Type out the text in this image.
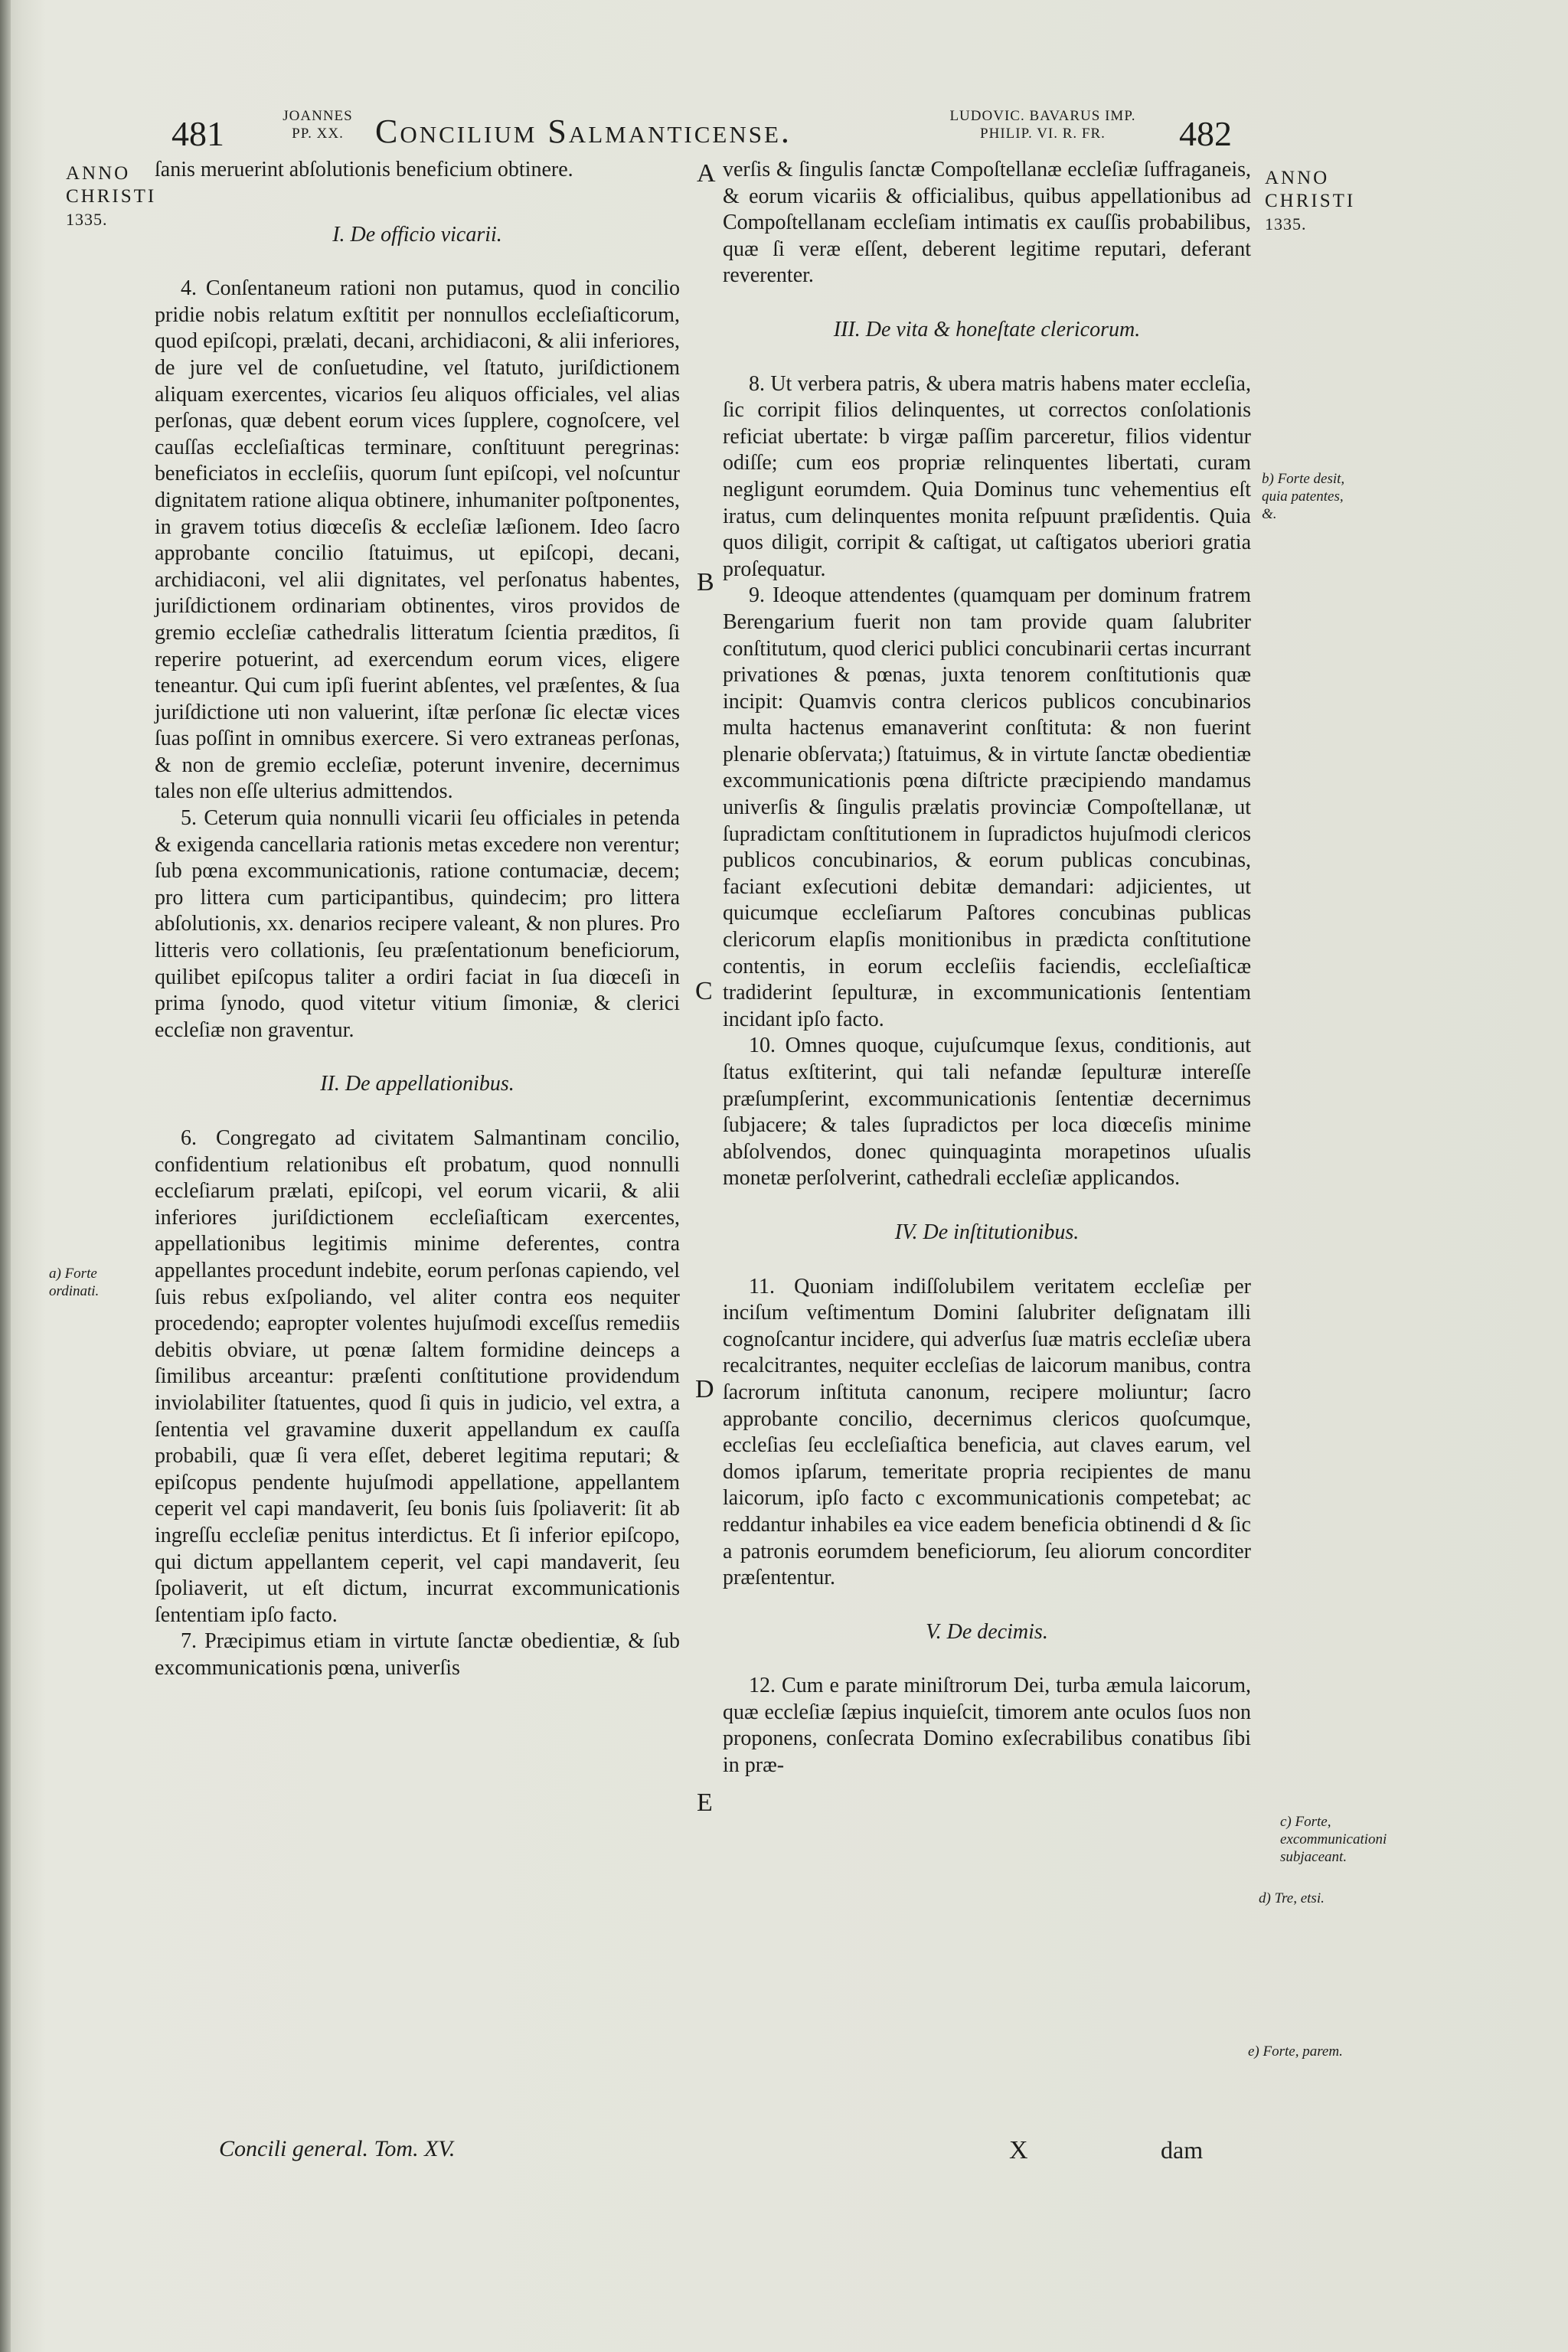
481	JOANNES
PP. XX. Concilium Salmanticense.	LUDOVIC. BAVARUS IMP.
PHILIP. VI. R. FR.	482
ANNO
CHRISTI
1335.
a) Forte ordinati.
ANNO
CHRISTI
1335.
b) Forte desit, quia patentes, &.
c) Forte, excommunicationi subjaceant.
d) Tre, etsi.
e) Forte, parem.
A
B
C
D
E

ſanis meruerint abſolutionis beneficium obtinere.

I. De officio vicarii.

4. Conſentaneum rationi non putamus, quod in concilio pridie nobis relatum exſtitit per nonnullos eccleſiaſticorum, quod epiſcopi, prælati, decani, archidiaconi, & alii inferiores, de jure vel de conſuetudine, vel ſtatuto, juriſdictionem aliquam exercentes, vicarios ſeu aliquos officiales, vel alias perſonas, quæ debent eorum vices ſupplere, cognoſcere, vel cauſſas eccleſiaſticas terminare, conſtituunt peregrinas: beneficiatos in eccleſiis, quorum ſunt epiſcopi, vel noſcuntur dignitatem ratione aliqua obtinere, inhumaniter poſtponentes, in gravem totius diœceſis & eccleſiæ læſionem. Ideo ſacro approbante concilio ſtatuimus, ut epiſcopi, decani, archidiaconi, vel alii dignitates, vel perſonatus habentes, juriſdictionem ordinariam obtinentes, viros providos de gremio eccleſiæ cathedralis litteratum ſcientia præditos, ſi reperire potuerint, ad exercendum eorum vices, eligere teneantur. Qui cum ipſi fuerint abſentes, vel præſentes, & ſua juriſdictione uti non valuerint, iſtæ perſonæ ſic electæ vices ſuas poſſint in omnibus exercere. Si vero extraneas perſonas, & non de gremio eccleſiæ, poterunt invenire, decernimus tales non eſſe ulterius admittendos.

5. Ceterum quia nonnulli vicarii ſeu officiales in petenda & exigenda cancellaria rationis metas excedere non verentur; ſub pœna excommunicationis, ratione contumaciæ, decem; pro littera cum participantibus, quindecim; pro littera abſolutionis, xx. denarios recipere valeant, & non plures. Pro litteris vero collationis, ſeu præſentationum beneficiorum, quilibet epiſcopus taliter a ordiri faciat in ſua diœceſi in prima ſynodo, quod vitetur vitium ſimoniæ, & clerici eccleſiæ non graventur.

II. De appellationibus.

6. Congregato ad civitatem Salmantinam concilio, confidentium relationibus eſt probatum, quod nonnulli eccleſiarum prælati, epiſcopi, vel eorum vicarii, & alii inferiores juriſdictionem eccleſiaſticam exercentes, appellationibus legitimis minime deferentes, contra appellantes procedunt indebite, eorum perſonas capiendo, vel ſuis rebus exſpoliando, vel aliter contra eos nequiter procedendo; eapropter volentes hujuſmodi exceſſus remediis debitis obviare, ut pœnæ ſaltem formidine deinceps a ſimilibus arceantur: præſenti conſtitutione providendum inviolabiliter ſtatuentes, quod ſi quis in judicio, vel extra, a ſententia vel gravamine duxerit appellandum ex cauſſa probabili, quæ ſi vera eſſet, deberet legitima reputari; & epiſcopus pendente hujuſmodi appellatione, appellantem ceperit vel capi mandaverit, ſeu bonis ſuis ſpoliaverit: ſit ab ingreſſu eccleſiæ penitus interdictus. Et ſi inferior epiſcopo, qui dictum appellantem ceperit, vel capi mandaverit, ſeu ſpoliaverit, ut eſt dictum, incurrat excommunicationis ſententiam ipſo facto.

7. Præcipimus etiam in virtute ſanctæ obedientiæ, & ſub excommunicationis pœna, univerſis

verſis & ſingulis ſanctæ Compoſtellanæ eccleſiæ ſuffraganeis, & eorum vicariis & officialibus, quibus appellationibus ad Compoſtellanam eccleſiam intimatis ex cauſſis probabilibus, quæ ſi veræ eſſent, deberent legitime reputari, deferant reverenter.

III. De vita & honeſtate clericorum.

8. Ut verbera patris, & ubera matris habens mater eccleſia, ſic corripit filios delinquentes, ut correctos conſolationis reficiat ubertate: b virgæ paſſim parceretur, filios videntur odiſſe; cum eos propriæ relinquentes libertati, curam negligunt eorumdem. Quia Dominus tunc vehementius eſt iratus, cum delinquentes monita reſpuunt præſidentis. Quia quos diligit, corripit & caſtigat, ut caſtigatos uberiori gratia proſequatur.

9. Ideoque attendentes (quamquam per dominum fratrem Berengarium fuerit non tam provide quam ſalubriter conſtitutum, quod clerici publici concubinarii certas incurrant privationes & pœnas, juxta tenorem conſtitutionis quæ incipit: Quamvis contra clericos publicos concubinarios multa hactenus emanaverint conſtituta: & non fuerint plenarie obſervata;) ſtatuimus, & in virtute ſanctæ obedientiæ excommunicationis pœna diſtricte præcipiendo mandamus univerſis & ſingulis prælatis provinciæ Compoſtellanæ, ut ſupradictam conſtitutionem in ſupradictos hujuſmodi clericos publicos concubinarios, & eorum publicas concubinas, faciant exſecutioni debitæ demandari: adjicientes, ut quicumque eccleſiarum Paſtores concubinas publicas clericorum elapſis monitionibus in prædicta conſtitutione contentis, in eorum eccleſiis faciendis, eccleſiaſticæ tradiderint ſepulturæ, in excommunicationis ſententiam incidant ipſo facto.

10. Omnes quoque, cujuſcumque ſexus, conditionis, aut ſtatus exſtiterint, qui tali nefandæ ſepulturæ intereſſe præſumpſerint, excommunicationis ſententiæ decernimus ſubjacere; & tales ſupradictos per loca diœceſis minime abſolvendos, donec quinquaginta morapetinos uſualis monetæ perſolverint, cathedrali eccleſiæ applicandos.

IV. De inſtitutionibus.

11. Quoniam indiſſolubilem veritatem eccleſiæ per inciſum veſtimentum Domini ſalubriter deſignatam illi cognoſcantur incidere, qui adverſus ſuæ matris eccleſiæ ubera recalcitrantes, nequiter eccleſias de laicorum manibus, contra ſacrorum inſtituta canonum, recipere moliuntur; ſacro approbante concilio, decernimus clericos quoſcumque, eccleſias ſeu eccleſiaſtica beneficia, aut claves earum, vel domos ipſarum, temeritate propria recipientes de manu laicorum, ipſo facto c excommunicationis competebat; ac reddantur inhabiles ea vice eadem beneficia obtinendi d & ſic a patronis eorumdem beneficiorum, ſeu aliorum concorditer præſententur.

V. De decimis.

12. Cum e parate miniſtrorum Dei, turba æmula laicorum, quæ eccleſiæ ſæpius inquieſcit, timorem ante oculos ſuos non proponens, conſecrata Domino exſecrabilibus conatibus ſibi in præ-

Concili general. Tom. XV.	X	dam
